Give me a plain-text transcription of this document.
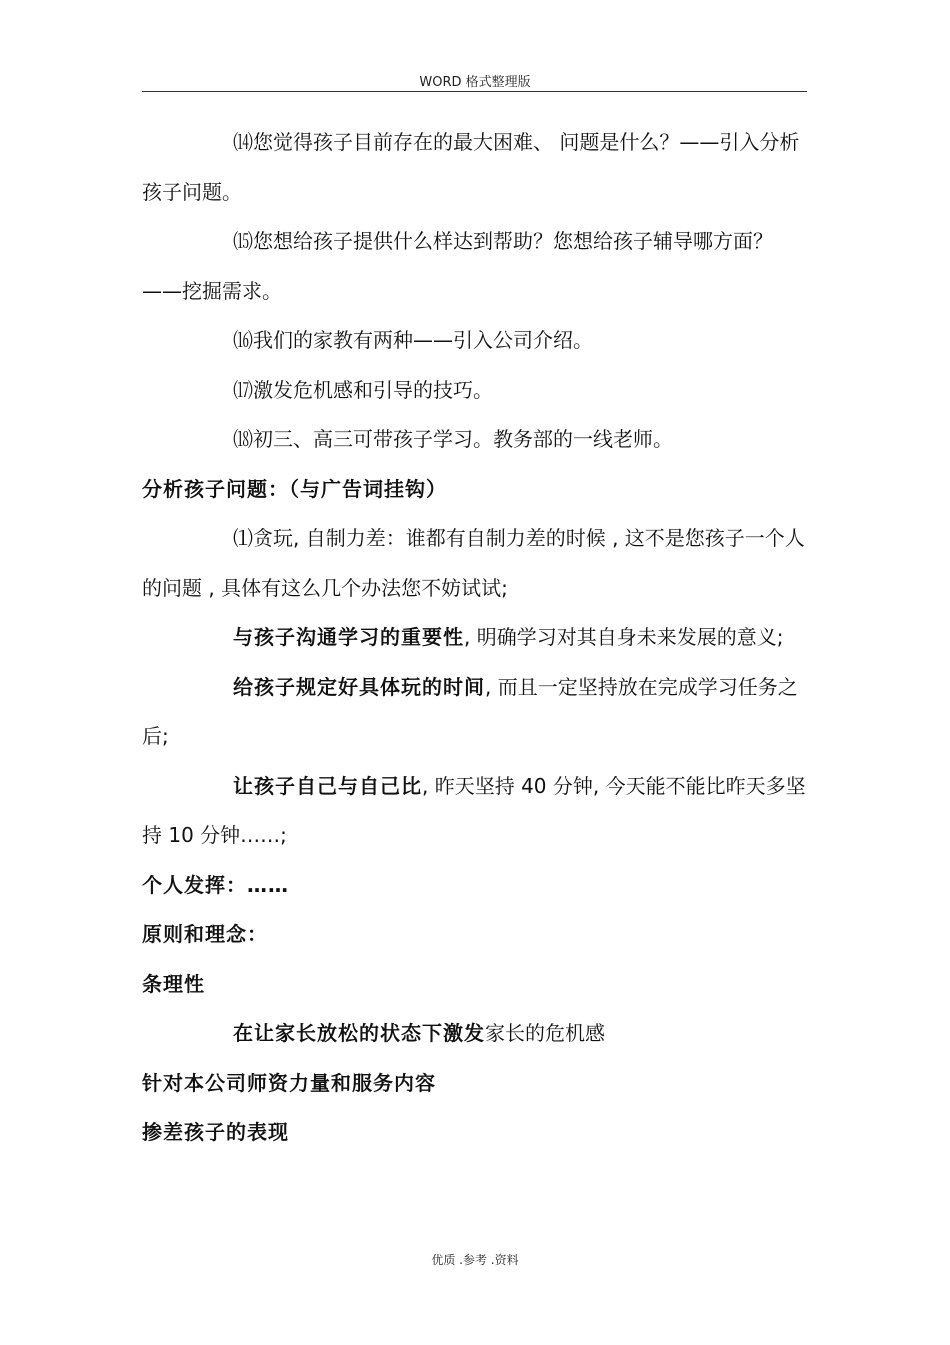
WORD 格式整理版

⒁您觉得孩子目前存在的最大困难、 问题是什么？——引入分析孩子问题。

⒂您想给孩子提供什么样达到帮助？您想给孩子辅导哪方面？——挖掘需求。

⒃我们的家教有两种——引入公司介绍。

⒄激发危机感和引导的技巧。

⒅初三、高三可带孩子学习。教务部的一线老师。

分析孩子问题：（与广告词挂钩）

⑴贪玩, 自制力差：谁都有自制力差的时候 , 这不是您孩子一个人的问题 , 具体有这么几个办法您不妨试试;

与孩子沟通学习的重要性, 明确学习对其自身未来发展的意义;

给孩子规定好具体玩的时间, 而且一定坚持放在完成学习任务之后;

让孩子自己与自己比, 昨天坚持 40 分钟, 今天能不能比昨天多坚持 10 分钟……;

个人发挥：……

原则和理念：

条理性

在让家长放松的状态下激发家长的危机感

针对本公司师资力量和服务内容

掺差孩子的表现

优质 .参考 .资料
